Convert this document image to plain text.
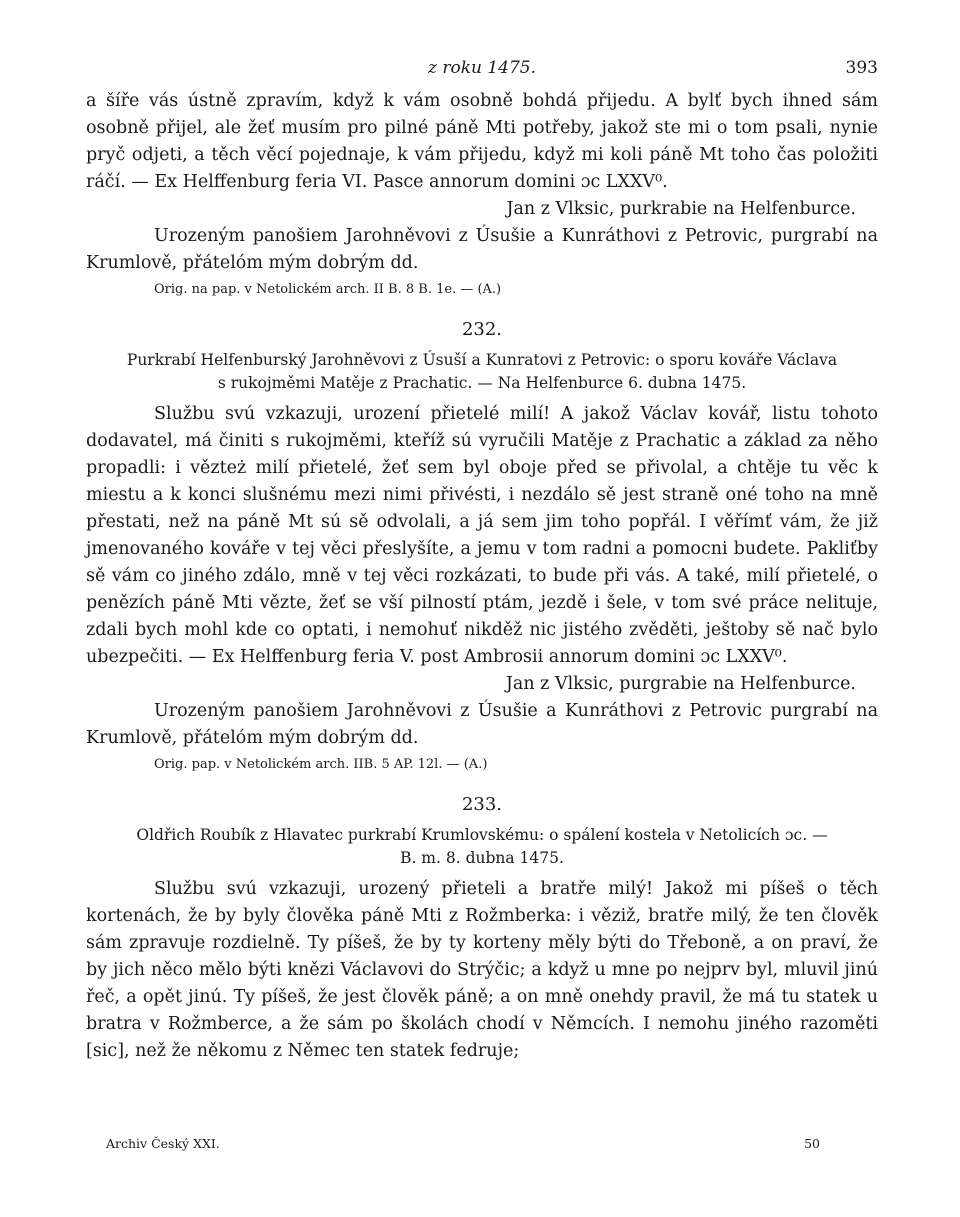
z roku 1475.	393

a šíře vás ústně zpravím, když k vám osobně bohdá přijedu. A bylť bych ihned sám osobně přijel, ale žeť musím pro pilné páně Mti potřeby, jakož ste mi o tom psali, nynie pryč odjeti, a těch věcí pojednaje, k vám přijedu, když mi koli páně Mt toho čas položiti ráčí. — Ex Helffenburg feria VI. Pasce annorum domini ɔc LXXV⁰.

Jan z Vlksic, purkrabie na Helfenburce.

Urozeným panošiem Jarohněvovi z Úsušie a Kunráthovi z Petrovic, purgrabí na Krumlově, přátelóm mým dobrým dd.

Orig. na pap. v Netolickém arch. II B. 8 B. 1e. — (A.)

232.
Purkrabí Helfenburský Jarohněvovi z Úsuší a Kunratovi z Petrovic: o sporu kováře Václava
s rukojměmi Matěje z Prachatic. — Na Helfenburce 6. dubna 1475.

Službu svú vzkazuji, urození přietelé milí! A jakož Václav kovář, listu tohoto dodavatel, má činiti s rukojměmi, kteříž sú vyručili Matěje z Prachatic a základ za něho propadli: i vězteż milí přietelé, žeť sem byl oboje před se přivolal, a chtěje tu věc k miestu a k konci slušnému mezi nimi přivésti, i nezdálo sě jest straně oné toho na mně přestati, než na páně Mt sú sě odvolali, a já sem jim toho popřál. I věřímť vám, že již jmenovaného kováře v tej věci přeslyšíte, a jemu v tom radni a pomocni budete. Pakliťby sě vám co jiného zdálo, mně v tej věci rozkázati, to bude při vás. A také, milí přietelé, o penězích páně Mti vězte, žeť se vší pilností ptám, jezdě i šele, v tom své práce nelituje, zdali bych mohl kde co optati, i nemohuť nikděž nic jistého zvěděti, ještoby sě nač bylo ubezpečiti. — Ex Helffenburg feria V. post Ambrosii annorum domini ɔc LXXV⁰.

Jan z Vlksic, purgrabie na Helfenburce.

Urozeným panošiem Jarohněvovi z Úsušie a Kunráthovi z Petrovic purgrabí na Krumlově, přátelóm mým dobrým dd.

Orig. pap. v Netolickém arch. IIB. 5 AP. 12l. — (A.)

233.
Oldřich Roubík z Hlavatec purkrabí Krumlovskému: o spálení kostela v Netolicích ɔc. —
B. m. 8. dubna 1475.

Službu svú vzkazuji, urozený přieteli a bratře milý! Jakož mi píšeš o těch kortenách, že by byly člověka páně Mti z Rožmberka: i věziž, bratře milý, že ten člověk sám zpravuje rozdielně. Ty píšeš, že by ty korteny měly býti do Třeboně, a on praví, že by jich něco mělo býti knězi Václavovi do Strýčic; a když u mne po nejprv byl, mluvil jinú řeč, a opět jinú. Ty píšeš, že jest člověk páně; a on mně onehdy pravil, že má tu statek u bratra v Rožmberce, a že sám po školách chodí v Němcích. I nemohu jiného razoměti [sic], než že někomu z Němec ten statek fedruje;

Archiv Český XXI.	50
